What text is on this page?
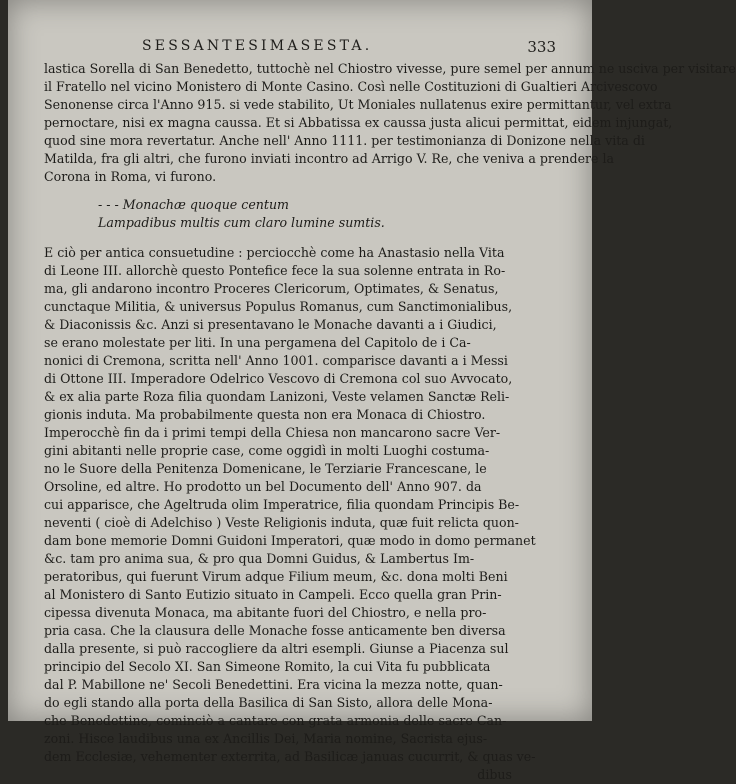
SESSANTESIMASESTA.	333
lastica Sorella di San Benedetto, tuttochè nel Chiostro vivesse, pure semel per annum ne usciva per visitare
il Fratello nel vicino Monistero di Monte Casino. Così nelle Costituzioni di Gualtieri Arcivescovo
Senonense circa l'Anno 915. si vede stabilito, Ut Moniales nullatenus exire permittantur, vel extra
pernoctare, nisi ex magna caussa. Et si Abbatissa ex caussa justa alicui permittat, eidem injungat,
quod sine mora revertatur. Anche nell' Anno 1111. per testimonianza di Donizone nella vita di
Matilda, fra gli altri, che furono inviati incontro ad Arrigo V. Re, che veniva a prendere la
Corona in Roma, vi furono.
- - - Monachæ quoque centum
Lampadibus multis cum claro lumine sumtis.
E ciò per antica consuetudine : perciocchè come ha Anastasio nella Vita
di Leone III. allorchè questo Pontefice fece la sua solenne entrata in Ro-
ma, gli andarono incontro Proceres Clericorum, Optimates, & Senatus,
cunctaque Militia, & universus Populus Romanus, cum Sanctimonialibus,
& Diaconissis &c. Anzi si presentavano le Monache davanti a i Giudici,
se erano molestate per liti. In una pergamena del Capitolo de i Ca-
nonici di Cremona, scritta nell' Anno 1001. comparisce davanti a i Messi
di Ottone III. Imperadore Odelrico Vescovo di Cremona col suo Avvocato,
& ex alia parte Roza filia quondam Lanizoni, Veste velamen Sanctæ Reli-
gionis induta. Ma probabilmente questa non era Monaca di Chiostro.
Imperocchè fin da i primi tempi della Chiesa non mancarono sacre Ver-
gini abitanti nelle proprie case, come oggidì in molti Luoghi costuma-
no le Suore della Penitenza Domenicane, le Terziarie Francescane, le
Orsoline, ed altre. Ho prodotto un bel Documento dell' Anno 907. da
cui apparisce, che Ageltruda olim Imperatrice, filia quondam Principis Be-
neventi ( cioè di Adelchiso ) Veste Religionis induta, quæ fuit relicta quon-
dam bone memorie Domni Guidoni Imperatori, quæ modo in domo permanet
&c. tam pro anima sua, & pro qua Domni Guidus, & Lambertus Im-
peratoribus, qui fuerunt Virum adque Filium meum, &c. dona molti Beni
al Monistero di Santo Eutizio situato in Campeli. Ecco quella gran Prin-
cipessa divenuta Monaca, ma abitante fuori del Chiostro, e nella pro-
pria casa. Che la clausura delle Monache fosse anticamente ben diversa
dalla presente, si può raccogliere da altri esempli. Giunse a Piacenza sul
principio del Secolo XI. San Simeone Romito, la cui Vita fu pubblicata
dal P. Mabillone ne' Secoli Benedettini. Era vicina la mezza notte, quan-
do egli stando alla porta della Basilica di San Sisto, allora delle Mona-
che Benedettine, cominciò a cantare con grata armonia delle sacre Can-
zoni. Hisce laudibus una ex Ancillis Dei, Maria nomine, Sacrista ejus-
dem Ecclesiæ, vehementer exterrita, ad Basilicæ januas cucurrit, & quas ve-
dibus
